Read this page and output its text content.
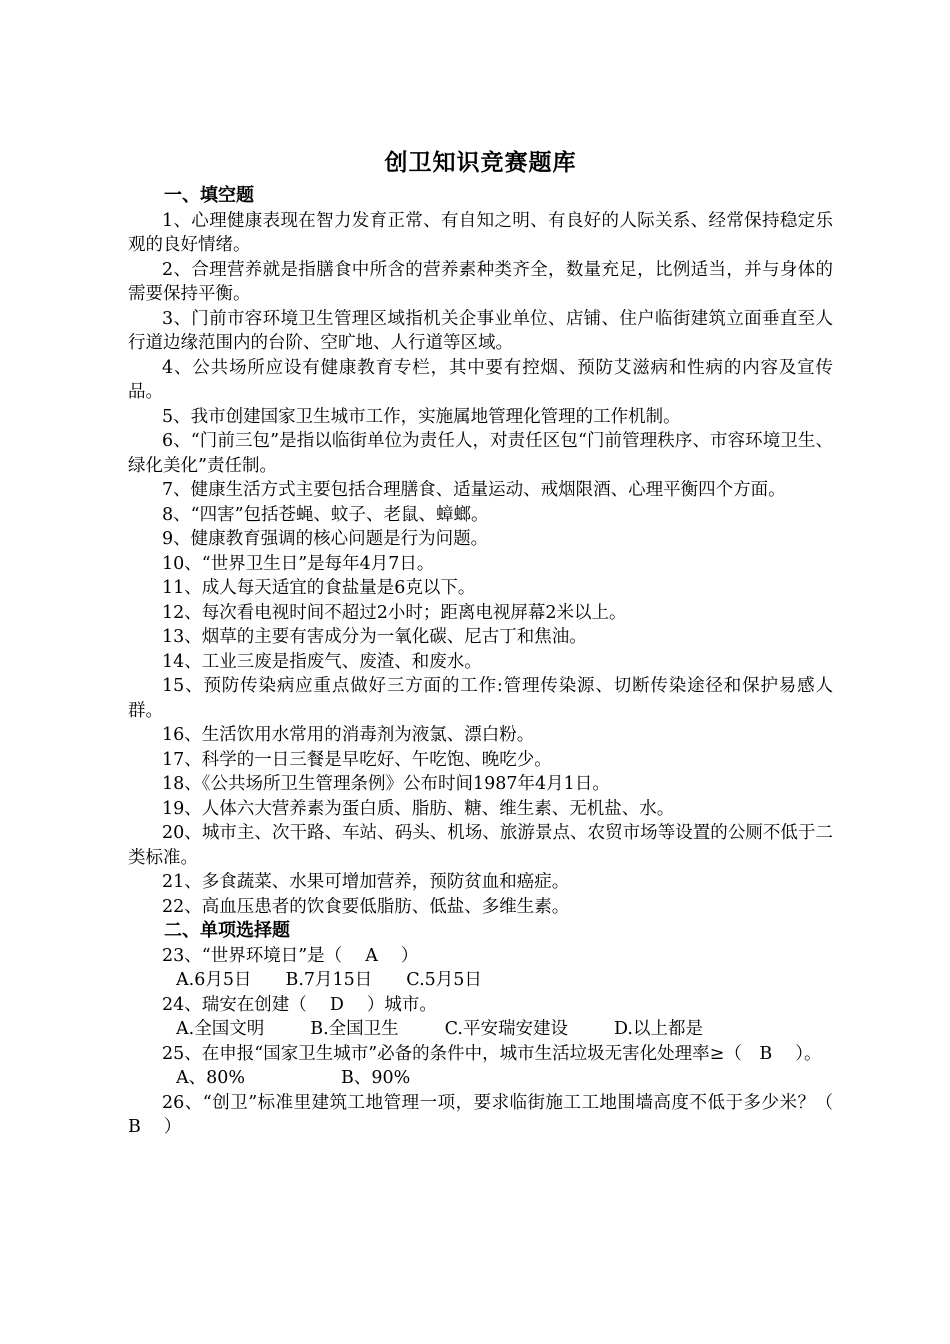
创卫知识竞赛题库

一、填空题

1、心理健康表现在智力发育正常、有自知之明、有良好的人际关系、经常保持稳定乐观的良好情绪。

2、合理营养就是指膳食中所含的营养素种类齐全，数量充足，比例适当，并与身体的需要保持平衡。

3、门前市容环境卫生管理区域指机关企事业单位、店铺、住户临街建筑立面垂直至人行道边缘范围内的台阶、空旷地、人行道等区域。

4、公共场所应设有健康教育专栏，其中要有控烟、预防艾滋病和性病的内容及宣传品。

5、我市创建国家卫生城市工作，实施属地管理化管理的工作机制。

6、“门前三包”是指以临街单位为责任人，对责任区包“门前管理秩序、市容环境卫生、绿化美化”责任制。

7、健康生活方式主要包括合理膳食、适量运动、戒烟限酒、心理平衡四个方面。

8、“四害”包括苍蝇、蚊子、老鼠、蟑螂。

9、健康教育强调的核心问题是行为问题。

10、“世界卫生日”是每年4月7日。

11、成人每天适宜的食盐量是6克以下。

12、每次看电视时间不超过2小时；距离电视屏幕2米以上。

13、烟草的主要有害成分为一氧化碳、尼古丁和焦油。

14、工业三废是指废气、废渣、和废水。

15、预防传染病应重点做好三方面的工作:管理传染源、切断传染途径和保护易感人群。

16、生活饮用水常用的消毒剂为液氯、漂白粉。

17、科学的一日三餐是早吃好、午吃饱、晚吃少。

18、《公共场所卫生管理条例》公布时间1987年4月1日。

19、人体六大营养素为蛋白质、脂肪、糖、维生素、无机盐、水。

20、城市主、次干路、车站、码头、机场、旅游景点、农贸市场等设置的公厕不低于二类标准。

21、多食蔬菜、水果可增加营养，预防贫血和癌症。

22、高血压患者的饮食要低脂肪、低盐、多维生素。

二、单项选择题

23、“世界环境日”是（　 A　 ）

A.6月5日 B.7月15日 C.5月5日

24、瑞安在创建（　 D　 ）城市。

A.全国文明	B.全国卫生	C.平安瑞安建设	D.以上都是

25、在申报“国家卫生城市”必备的条件中，城市生活垃圾无害化处理率≥（　B　 ）。

A、80%	B、90%

26、“创卫”标准里建筑工地管理一项，要求临街施工工地围墙高度不低于多少米？（　B　 ）
